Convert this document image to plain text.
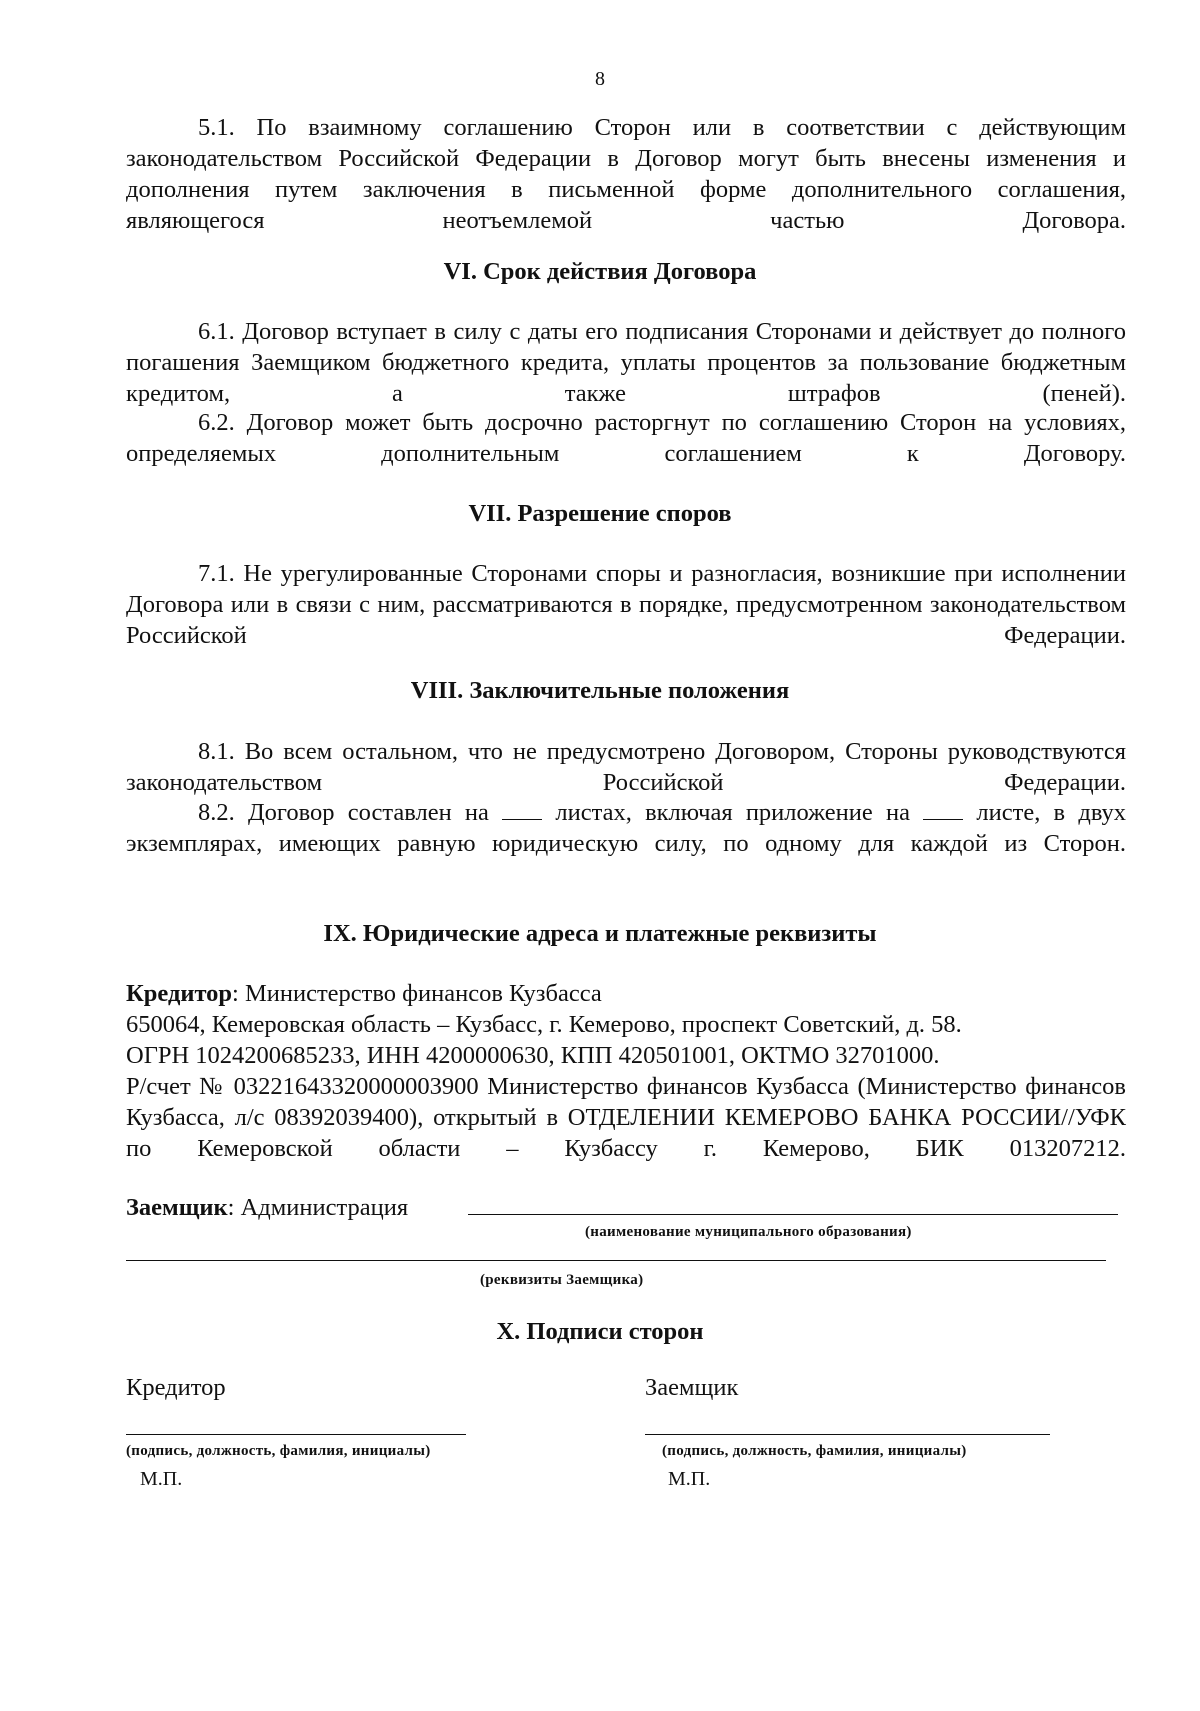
8
5.1. По взаимному соглашению Сторон или в соответствии с действующим законодательством Российской Федерации в Договор могут быть внесены изменения и дополнения путем заключения в письменной форме дополнительного соглашения, являющегося неотъемлемой частью Договора.
VI. Срок действия Договора
6.1. Договор вступает в силу с даты его подписания Сторонами и действует до полного погашения Заемщиком бюджетного кредита, уплаты процентов за пользование бюджетным кредитом, а также штрафов (пеней).
6.2. Договор может быть досрочно расторгнут по соглашению Сторон на условиях, определяемых дополнительным соглашением к Договору.
VII. Разрешение споров
7.1. Не урегулированные Сторонами споры и разногласия, возникшие при исполнении Договора или в связи с ним, рассматриваются в порядке, предусмотренном законодательством Российской Федерации.
VIII. Заключительные положения
8.1. Во всем остальном, что не предусмотрено Договором, Стороны руководствуются законодательством Российской Федерации.
8.2. Договор составлен на	листах, включая приложение на	листе, в двух экземплярах, имеющих равную юридическую силу, по одному для каждой из Сторон.
IX. Юридические адреса и платежные реквизиты
Кредитор: Министерство финансов Кузбасса
650064, Кемеровская область – Кузбасс, г. Кемерово, проспект Советский, д. 58.
ОГРН 1024200685233, ИНН 4200000630, КПП 420501001, ОКТМО 32701000.
Р/счет № 03221643320000003900 Министерство финансов Кузбасса (Министерство финансов Кузбасса, л/с 08392039400), открытый в ОТДЕЛЕНИИ КЕМЕРОВО БАНКА РОССИИ//УФК по Кемеровской области – Кузбассу г. Кемерово, БИК 013207212.
Заемщик: Администрация
(наименование муниципального образования)
(реквизиты Заемщика)
X. Подписи сторон
Кредитор	Заемщик
(подпись, должность, фамилия, инициалы)	(подпись, должность, фамилия, инициалы)
М.П.	М.П.
